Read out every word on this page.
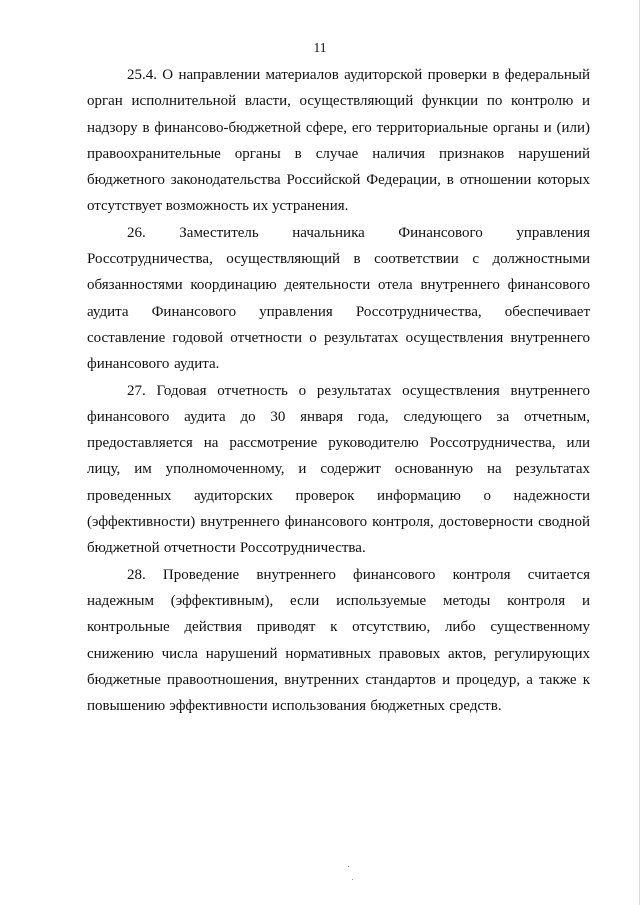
11

25.4. О направлении материалов аудиторской проверки в федеральный орган исполнительной власти, осуществляющий функции по контролю и надзору в финансово-бюджетной сфере, его территориальные органы и (или) правоохранительные органы в случае наличия признаков нарушений бюджетного законодательства Российской Федерации, в отношении которых отсутствует возможность их устранения.

26. Заместитель начальника Финансового управления Россотрудничества, осуществляющий в соответствии с должностными обязанностями координацию деятельности отела внутреннего финансового аудита Финансового управления Россотрудничества, обеспечивает составление годовой отчетности о результатах осуществления внутреннего финансового аудита.

27. Годовая отчетность о результатах осуществления внутреннего финансового аудита до 30 января года, следующего за отчетным, предоставляется на рассмотрение руководителю Россотрудничества, или лицу, им уполномоченному, и содержит основанную на результатах проведенных аудиторских проверок информацию о надежности (эффективности) внутреннего финансового контроля, достоверности сводной бюджетной отчетности Россотрудничества.

28. Проведение внутреннего финансового контроля считается надежным (эффективным), если используемые методы контроля и контрольные действия приводят к отсутствию, либо существенному снижению числа нарушений нормативных правовых актов, регулирующих бюджетные правоотношения, внутренних стандартов и процедур, а также к повышению эффективности использования бюджетных средств.
